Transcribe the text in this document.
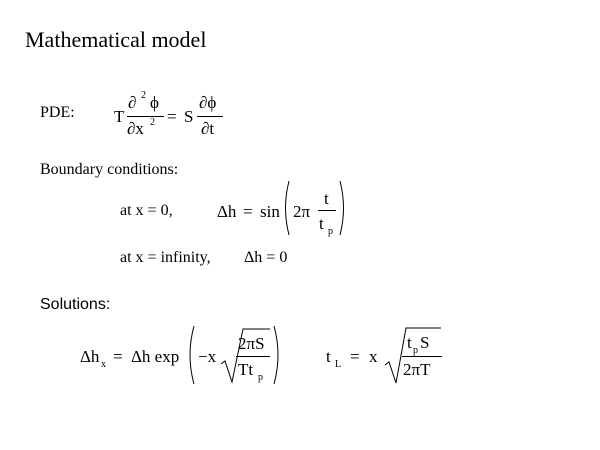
Mathematical model
PDE: T
∂ 2 ϕ
∂x 2 = S
∂ϕ
∂t
Boundary conditions:
at x = 0,	Δh = sin 2π
t
t p
at x = infinity, Δh = 0
Solutions:
Δh x = Δh exp −x
2πS
Tt p
t L = x
t p S
2πT
